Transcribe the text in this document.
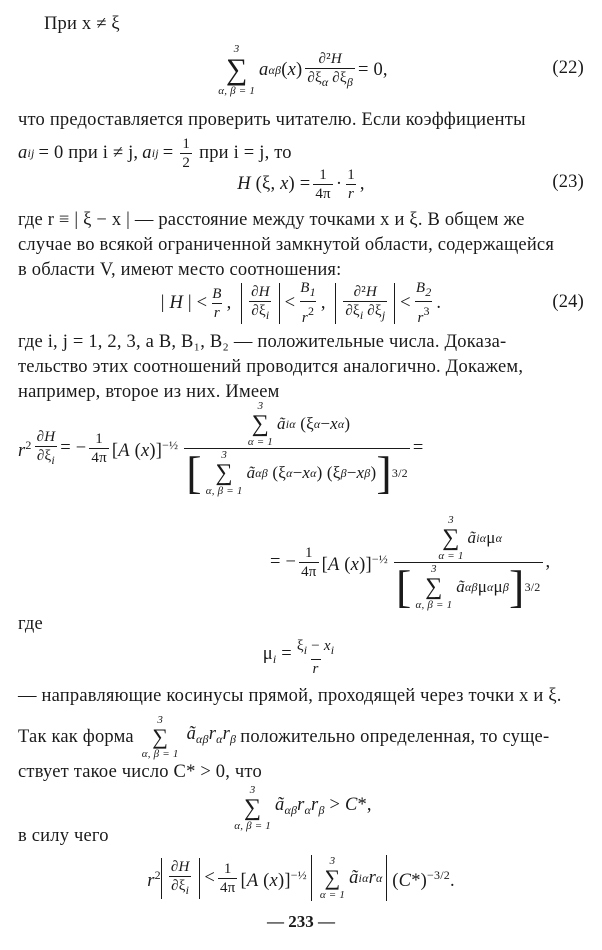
При x ≠ ξ
3
∑
α, β = 1
a αβ ( x ) $\frac{\text{∂²H}}{\partial\xi_\alpha \partial\xi_\beta} = 0$,	(22)
что предоставляется проверить читателю. Если коэффициенты
a ij = 0 при i ≠ j, a ij = $\frac{1}{2}$ при i = j, то
H (ξ, x ) = $\frac{1}{4\pi} \cdot \frac{1}{r}$ ,	(23)
где r ≡ | ξ − x | — расстояние между точками x и ξ. В общем же
случае во всякой ограниченной замкнутой области, содержащейся
в области V, имеют место соотношения:
| H | < $\frac{B}{r}$ , $\frac{\partial H}{\partial\xi_i} < \frac{B_1}{r^2}$ , $\frac{\text{∂²H}}{\partial\xi_i \partial\xi_j} < \frac{B_2}{r^3}$ .	(24)
где i, j = 1, 2, 3, а B, B₁, B₂ — положительные числа. Доказа-
тельство этих соотношений проводится аналогично. Докажем,
например, второе из них. Имеем
$r^2 \frac{\partial H}{\partial\xi_i}$ = − $\frac{1}{4\pi} [A$ (x)]$^{-\frac{1}{2}}$
3
∑
α = 1
ã iα (ξ α − x α )
[ 3
∑
α, β = 1
ã αβ (ξ α − x α ) (ξ β − x β ) ] 3/2
=
= − $\frac{1}{4\pi} [A$ (x)]$^{-\frac{1}{2}}$ 3
∑
α = 1
ã iα μ α
[ 3
∑
α, β = 1
ã αβ μ α μ β ] 3/2 ,
где
$\mu_i = \frac{\xi_i - x_i}{r}$
— направляющие косинусы прямой, проходящей через точки x и ξ.
Так как форма
3
∑
α, β = 1
$ã_{\alpha\beta}r_\alpha r_\beta$ положительно определенная, то суще-
ствует такое число C* > 0, что
3
∑
α, β = 1
$ã_{\alpha\beta}r_\alpha r_\beta > C*$,
в силу чего
$r^2 \frac{\partial H}{\partial\xi_i} < \frac{1}{4\pi} [A$ (x)]$^{-\frac{1}{2}}$
3
∑
α = 1
ã iα r α $(C*)^{-3/2}$.
— 233 —
